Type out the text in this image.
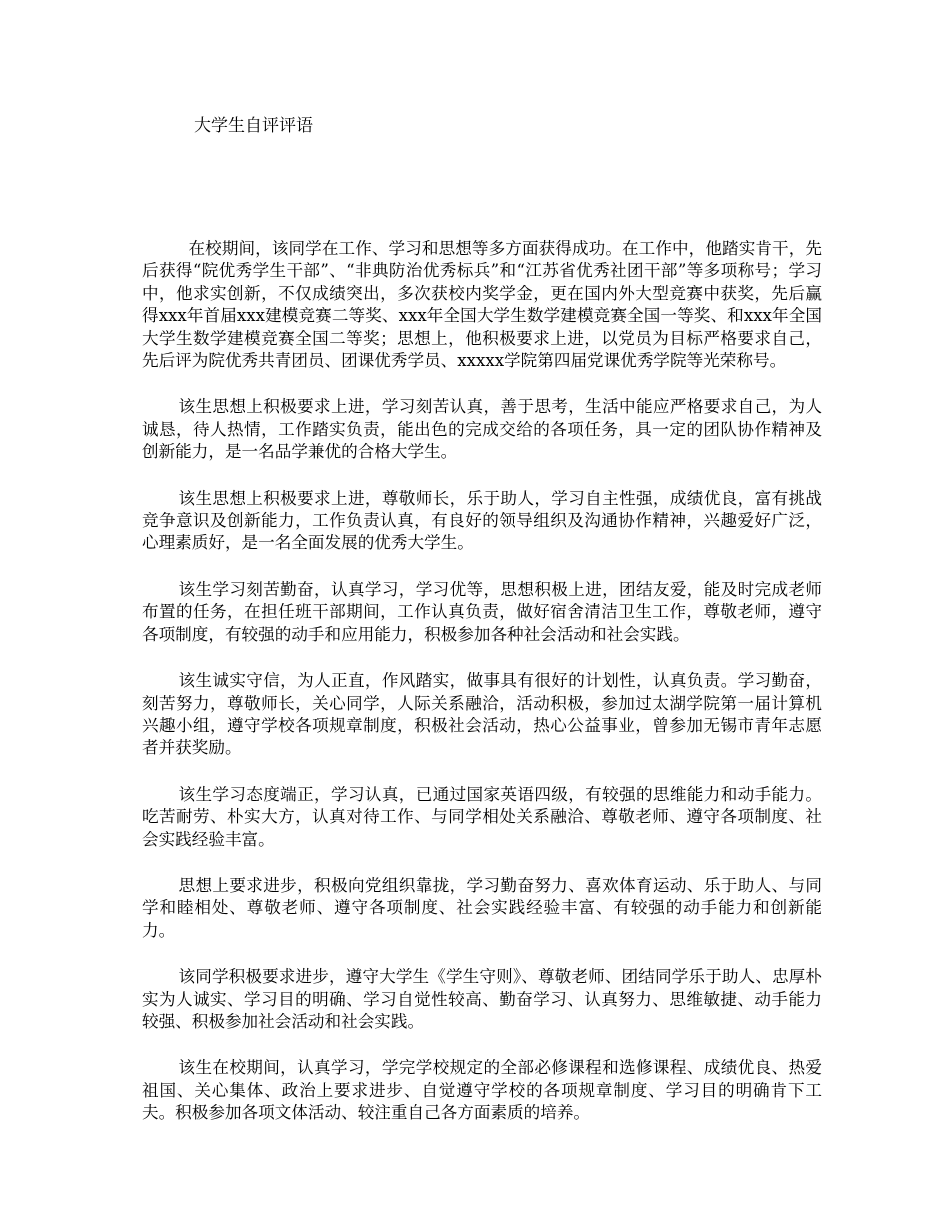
大学生自评评语

在校期间，该同学在工作、学习和思想等多方面获得成功。在工作中，他踏实肯干，先后获得“院优秀学生干部”、“非典防治优秀标兵”和“江苏省优秀社团干部”等多项称号；学习中，他求实创新，不仅成绩突出，多次获校内奖学金，更在国内外大型竞赛中获奖，先后赢得xxx年首届xxx建模竞赛二等奖、xxx年全国大学生数学建模竞赛全国一等奖、和xxx年全国大学生数学建模竞赛全国二等奖；思想上，他积极要求上进，以党员为目标严格要求自己，先后评为院优秀共青团员、团课优秀学员、xxxxx学院第四届党课优秀学院等光荣称号。

该生思想上积极要求上进，学习刻苦认真，善于思考，生活中能应严格要求自己，为人诚恳，待人热情，工作踏实负责，能出色的完成交给的各项任务，具一定的团队协作精神及创新能力，是一名品学兼优的合格大学生。

该生思想上积极要求上进，尊敬师长，乐于助人，学习自主性强，成绩优良，富有挑战竞争意识及创新能力，工作负责认真，有良好的领导组织及沟通协作精神，兴趣爱好广泛，心理素质好，是一名全面发展的优秀大学生。

该生学习刻苦勤奋，认真学习，学习优等，思想积极上进，团结友爱，能及时完成老师布置的任务，在担任班干部期间，工作认真负责，做好宿舍清洁卫生工作，尊敬老师，遵守各项制度，有较强的动手和应用能力，积极参加各种社会活动和社会实践。

该生诚实守信，为人正直，作风踏实，做事具有很好的计划性，认真负责。学习勤奋，刻苦努力，尊敬师长，关心同学，人际关系融洽，活动积极，参加过太湖学院第一届计算机兴趣小组，遵守学校各项规章制度，积极社会活动，热心公益事业，曾参加无锡市青年志愿者并获奖励。

该生学习态度端正，学习认真，已通过国家英语四级，有较强的思维能力和动手能力。吃苦耐劳、朴实大方，认真对待工作、与同学相处关系融洽、尊敬老师、遵守各项制度、社会实践经验丰富。

思想上要求进步，积极向党组织靠拢，学习勤奋努力、喜欢体育运动、乐于助人、与同学和睦相处、尊敬老师、遵守各项制度、社会实践经验丰富、有较强的动手能力和创新能力。

该同学积极要求进步，遵守大学生《学生守则》、尊敬老师、团结同学乐于助人、忠厚朴实为人诚实、学习目的明确、学习自觉性较高、勤奋学习、认真努力、思维敏捷、动手能力较强、积极参加社会活动和社会实践。

该生在校期间，认真学习，学完学校规定的全部必修课程和选修课程、成绩优良、热爱祖国、关心集体、政治上要求进步、自觉遵守学校的各项规章制度、学习目的明确肯下工夫。积极参加各项文体活动、较注重自己各方面素质的培养。
